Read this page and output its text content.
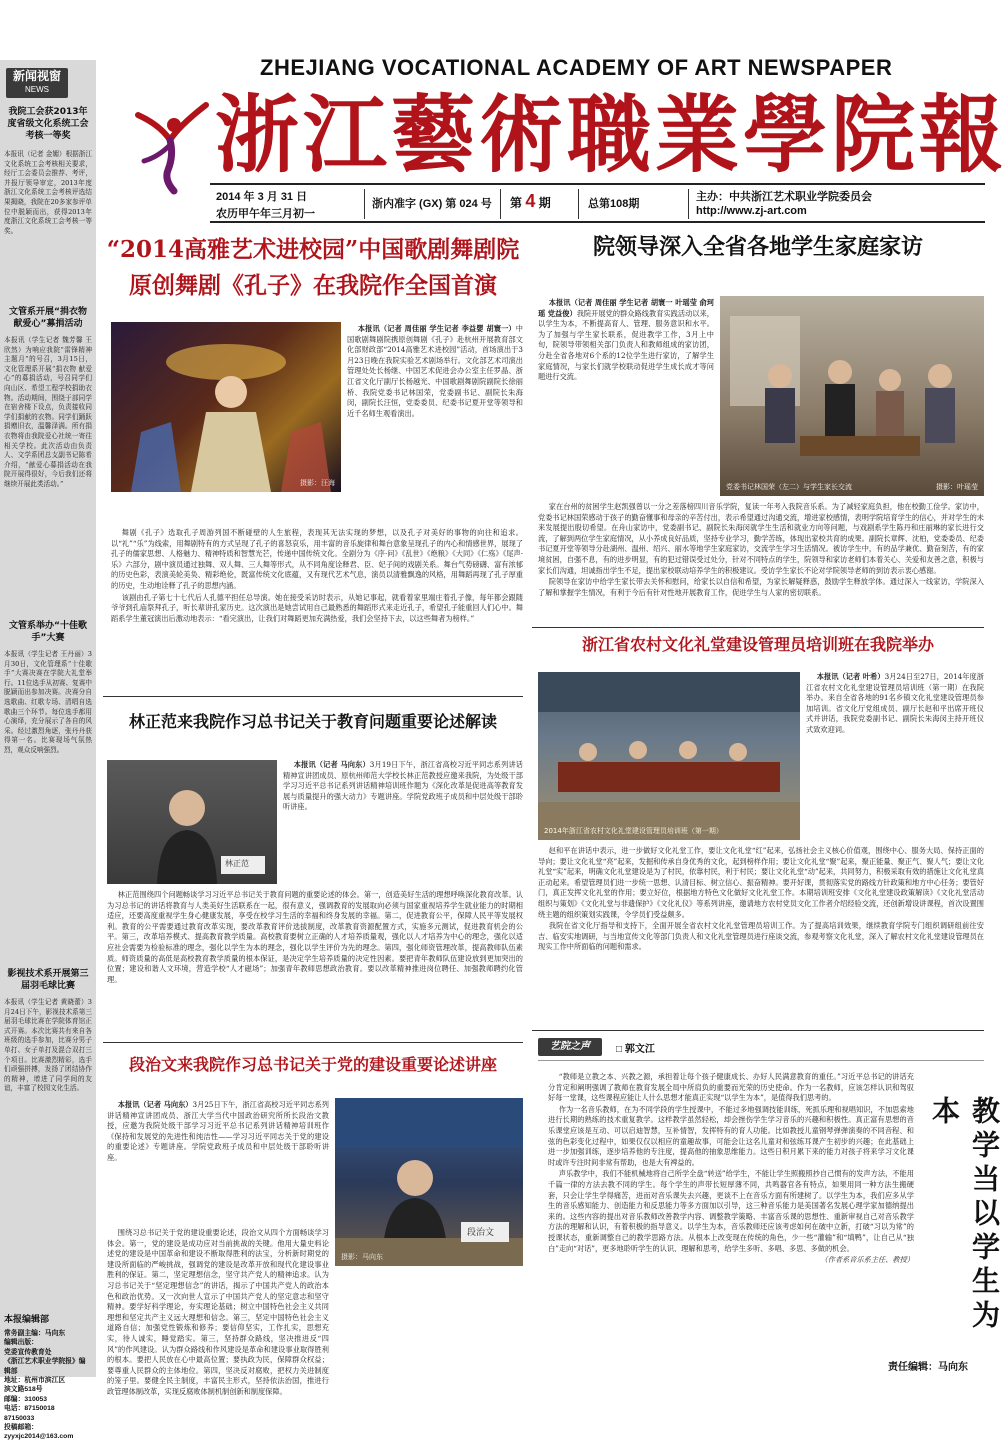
ZHEJIANG VOCATIONAL ACADEMY OF ART NEWSPAPER
浙江藝術職業學院報
2014 年 3 月 31 日
农历甲午年三月初一
浙内准字 (GX) 第 024 号 第 4 期	总第108期
主办：中共浙江艺术职业学院委员会
http://www.zj-art.com
新闻视窗
NEWS
我院工会获2013年度省级文化系统工会考核一等奖
本报讯（记者 金媚）根据浙江文化系统工会考核相关要求，经厅工会委员会推荐、考评，并报厅领导审定，2013年度浙江文化系统工会考核评选结果揭晓，我院在20多家参评单位中脱颖而出，获得2013年度浙江文化系统工会考核一等奖。
文管系开展“捐衣物 献爱心”募捐活动
本报讯（学生记者 魏芳馨 王欣然）为响应我院“雷锋精神主题月”的号召，3月15日，文化管理系开展“捐衣物 献爱心”的募捐活动，号召同学们向山区、希望工程学校捐助衣物。活动期间，围绕于部同学在宿舍楼下设点，负责接收同学们捐献的衣物。同学们踊跃捐赠旧衣，温馨泽满。所有捐衣物将由我院爱心社统一寄往相关学校。此次活动由负责人、文学系团总支副书记陈希介绍，“献爱心募捐活动在我院开展得很好，今后我们还将继续开展此类活动。”
文管系举办“十佳歌手”大赛
本报讯（学生记者 王丹丽）3月30日，文化管理系“十佳歌手”大赛决赛在学院大礼堂举行。11位选手从初赛、复赛中脱颖而出参加决赛。决赛分自选歌曲、红歌专场、清唱自选歌曲三个环节。每位选手都用心演绎，充分展示了各自的风采。经过激烈角逐，张丹丹获得第一名。比赛现场气氛热烈，观众反响强烈。
影视技术系开展第三届羽毛球比赛
本报讯（学生记者 黄晓蕾）3月24日下午，影视技术系第三届羽毛球比赛在学院体育馆正式开赛。本次比赛共有来自各班级的选手参加，比赛分男子单打、女子单打及混合双打三个项目。比赛激烈精彩，选手们顽强拼搏，发扬了团结协作的精神，增进了同学间的友谊，丰富了校园文化生活。
本报编辑部
常务副主编：马向东
编辑出版：
党委宣传教育处
《浙江艺术职业学院报》编辑部
地址：杭州市滨江区
滨文路518号
邮编：310053
电话：87150018
87150033
投稿邮箱：
zyyxjc2014@163.com
“2014高雅艺术进校园”中国歌剧舞剧院
原创舞剧《孔子》在我院作全国首演
摄影：汪海
本报讯（记者 周佳丽 学生记者 李益婴 胡寰一）中国歌剧舞剧院携原创舞剧《孔子》赴杭州开展教育部文化部财政部“2014高雅艺术进校园”活动，首场演出于3月23日晚在我院实验艺术剧场举行。文化部艺术司演出管理处处长杨继、中国艺术促进会办公室主任罗晶、浙江省文化厅副厅长杨越光、中国歌剧舞剧院副院长徐丽桥、我院党委书记林国荣，党委副书记、副院长朱海闵，副院长汪恒，党委委员、纪委书记夏开堂等领导和近千名师生观看演出。

舞剧《孔子》选取孔子周游列国不断碰壁的人生旅程，表现其无法实现的梦想，以及孔子对美好的事物的向往和追求。以“礼”“乐”为线索，用舞剧特有的方式呈现了孔子的喜怒哀乐，用丰富的音乐旋律和舞台意象呈现孔子的内心和情感世界，展现了孔子的儒家思想、人格魅力、精神特质和智慧光芒，传递中国传统文化。全剧分为《序·问》《乱世》《绝粮》《大同》《仁殇》《尾声·乐》六部分，剧中演员通过独舞、双人舞、三人舞等形式，从不同角度诠释君、臣、妃子间的戏剧关系。舞台气势磅礴、富有浓郁的历史色彩，表演美轮美奂、精彩绝伦，既富传统文化底蕴，又有现代艺术气息，演员以清雅飘逸的风格，用舞蹈再现了孔子厚重的历史，生动地诠释了孔子的思想内涵。

该剧由孔子第七十七代后人孔德平担任总导演。她在接受采访时表示，从她记事起，就看着家里端庄着孔子像，每年都会跟随爷爷到孔庙祭拜孔子，听长辈讲孔家历史。这次演出是她尝试用自己最熟悉的舞蹈形式来走近孔子，希望孔子能重回人们心中。舞蹈系学生董冠演出后激动地表示：“看完演出，让我们对舞蹈更加充满热爱，我们会坚持下去，以这些舞者为榜样。”

院领导深入全省各地学生家庭家访
本报讯（记者 周佳丽 学生记者 胡寰一 叶瑶莹 俞珂瑶 党益俊）我院开展党的群众路线教育实践活动以来，以学生为本，不断提高育人、管理、服务意识和水平。为了加强与学生家长联系，促进教学工作，3月上中旬，院领导带领相关部门负责人和教师组成的家访团，分赴全省各地对6个系的12位学生进行家访，了解学生家庭情况，与家长们就学校联动促进学生成长成才等问题进行交流。
党委书记林国荣（左二）与学生家长交流	摄影：叶瑶莹

家在台州的贫困学生赵凯强曾以一分之差落榜四川音乐学院，复读一年考入我院音乐系。为了减轻家庭负担，他在校勤工俭学。家访中，党委书记林国荣感动于孩子的勤奋懂事和母亲的辛苦付出，表示希望通过沟通交流，增进家校感情，表明学院培育学生的信心，并对学生的未来发展提出殷切希望。在舟山家访中，党委副书记、副院长朱海闵就学生生活和就业方向等问题，与戏剧系学生陈丹和庄丽琳的家长进行交流，了解到两位学生家庭情况，从小养成良好品质，坚持专业学习，勤学苦练，体现出家校共育的成果。副院长章辉、沈柏，党委委员、纪委书记夏开堂等领导分赴湖州、温州、绍兴、丽水等地学生家庭家访，交流学生学习生活情况。被访学生中，有的品学兼优、勤奋刻苦，有的家境贫困，自强不息，有的进步明显，有的犯过错误受过处分，针对不同特点的学生，院领导和家访老师们本着关心、关爱和友善之意，积极与家长们沟通，坦诚指出学生不足，提出家校联动培养学生的积极建议。受访学生家长不论对学院领导老师的到访表示衷心感谢。

院领导在家访中给学生家长带去关怀和慰问，给家长以自信和希望，为家长解疑释惑，鼓励学生释放学体。通过深入一线家访，学院深入了解和掌握学生情况，有利于今后有针对性地开展教育工作，促进学生与人家的密切联系。

浙江省农村文化礼堂建设管理员培训班在我院举办
2014年浙江省农村文化礼堂建设管理员培训班（第一期）
本报讯（记者 叶希）3月24日至27日，2014年度浙江省农村文化礼堂建设管理员培训班（第一期）在我院举办。来自全省各地的91名乡镇文化礼堂建设管理员参加培训。省文化厅党组成员、副厅长赵和平出席开班仪式并讲话，我院党委副书记、副院长朱海闵主持开班仪式致欢迎词。

赵和平在讲话中表示，进一步做好文化礼堂工作，要让文化礼堂“红”起来，弘扬社会主义核心价值观，围绕中心、服务大局、保持正面的导向；要让文化礼堂“亮”起来，发掘和传承自身优秀的文化，起到榜样作用；要让文化礼堂“聚”起来，聚正能量、聚正气、聚人气；要让文化礼堂“实”起来，明确文化礼堂建设是为了村民，依靠村民，利于村民；要让文化礼堂“动”起来，共同努力，积极采取有效的措施让文化礼堂真正动起来。希望管理员们进一步统一思想、认清目标、树立信心、振奋精神。要开好课，贯彻落实党的路线方针政策和地方中心任务；要管好门，真正发挥文化礼堂的作用；要立好位，根据地方特色文化做好文化礼堂工作。本期培训班安排《文化礼堂建设政策解读》《文化礼堂活动组织与策划》《文化礼堂与非遗保护》《文化礼仪》等系列讲座，邀请地方农村党员文化工作者介绍经验交流，还创新增设讲课程，首次设置围绕主题的组织策划实践课，令学员们受益颇多。

我院在省文化厅指导和支持下，全面开展全省农村文化礼堂管理员培训工作。为了提高培训效果，继续教育学院专门组织调研组前往安吉、临安实地调研，与当地宣传文化等部门负责人和文化礼堂管理员进行座谈交流，参观考察文化礼堂，深入了解农村文化礼堂建设管理员在现实工作中所面临的问题和需求。

林正范来我院作习总书记关于教育问题重要论述解读
林正范
本报讯（记者 马向东）3月19日下午，浙江省高校习近平同志系列讲话精神宣讲团成员、原杭州师范大学校长林正范教授应邀来我院，为处级干部学习习近平总书记系列讲话精神培训班作题为《深化改革是促进高等教育发展与质量提升的强大动力》专题讲座。学院党政班子成员和中层处级干部聆听讲座。

林正范围绕四个问题畅谈学习习近平总书记关于教育问题的重要论述的体会。第一，创造美好生活的理想呼唤深化教育改革。认为习总书记的讲话将教育与人类美好生活联系在一起，很有意义，强调教育的发展取向必须与国家重视培养学生就业能力的时期相适应，还要高度重视学生身心健康发展，享受在校学习生活的幸福和终身发展的幸福。第二，促进教育公平，保障人民平等发展权利。教育的公平需要通过教育改革实现，要改革教育评价选拔制度，改革教育资源配置方式，实施多元测试，促进教育机会的公平。第三，改革培养模式、提高教育教学质量。高校教育要树立正确的人才培养质量观，强化以人才培养为中心的理念，强化以适应社会需要为检验标准的理念，强化以学生为本的理念，强化以学生评价为先的理念。第四，强化师资管理改革，提高教师队伍素质。师资质量的高低是高校教育教学质量的根本保证，是决定学生培养质量的决定性因素。要把青年教师队伍建设放到更加突出的位置；建设和谐人文环境，营造学校“人才磁场”；加强青年教师思想政治教育。要以改革精神推进岗位聘任、加强教师聘约化管理。

段治文来我院作习总书记关于党的建设重要论述讲座
本报讯（记者 马向东）3月25日下午，浙江省高校习近平同志系列讲话精神宣讲团成员、浙江大学当代中国政治研究所所长段治文教授，应邀为我院处级干部学习习近平总书记系列讲话精神培训班作《保持和发展党的先进性和纯洁性——学习习近平同志关于党的建设的重要论述》专题讲座。学院党政班子成员和中层处级干部聆听讲座。
段治文
摄影：马向东

围绕习总书记关于党的建设重要论述，段治文从四个方面畅谈学习体会。第一，党的建设是成功应对当前挑战的关键。他用大量史料论述党的建设是中国革命和建设不断取得胜利的法宝，分析新时期党的建设所面临的严峻挑战，强调党的建设是改革开放和现代化建设事业胜利的保证。第二，坚定理想信念，坚守共产党人的精神追求。认为习总书记关于“坚定理想信念”的讲话，揭示了中国共产党人的政治本色和政治优势。又一次向世人宣示了中国共产党人的坚定意志和坚守精神。要学好科学理论，夯实理论基础；树立中国特色社会主义共同理想和坚定共产主义远大理想和信念。第三，坚定中国特色社会主义道路自信；加强党性锻炼和修养；要信仰坚实，工作扎实，思想充实，待人诚实，睡觉踏实。第三，坚持群众路线，坚决推进反“四风”的作风建设。认为群众路线和作风建设是革命和建设事业取得胜利的根本。要把人民放在心中最高位置；要执政为民，保障群众权益；要尊重人民群众的主体地位。第四，坚决反对腐败，把权力关进制度的笼子里。要健全民主制度，丰富民主形式，坚持依法治国，推进行政管理体制改革，实现反腐败体制机制创新和制度保障。

艺院之声	□ 郭文江

“教师是立教之本、兴教之源，承担着让每个孩子健康成长、办好人民满意教育的重任。”习近平总书记的讲话充分肯定和阐明强调了教师在教育发展全局中所肩负的重要而光荣的历史使命。作为一名教师，应该怎样认识和驾驭好每一堂课，这些课程应能让人什么思想才能真正实现“以学生为本”，是值得我们思考的。

作为一名音乐教师，在为不同学段的学生授课中，不能过多地强调技能训练，死抓乐理和视唱知识，不加思索地进行长期的熟练的技术重复教学。这样教学虽然轻松，却会挫伤学生学习音乐的兴趣和积极性。真正富有思想的音乐课堂应该是互动、可以启迪智慧，互补情智，发挥特有的育人功能。比如教授儿童钢琴弹弹演奏的不同音程、和弦的色彩变化过程中，如果仅仅以相应的童趣故事，可能会让这名儿童对和弦练耳课产生初步的兴趣；在此基础上进一步加强训练，逐步培养他的专注度，提高他的抽象思维能力。这些日积月累下来的能力对孩子将来学习文化课时或许专注时间非常有帮助，也是大有裨益的。

声乐教学中，我们不能机械地将自己所学全盘“转送”给学生，不能让学生照搬照抄自己惯有的发声方法，不能用千篇一律的方法去教不同的学生。每个学生的声带长短厚薄不同，共鸣器官各有特点，如果用同一种方法生搬硬套，只会让学生学得痛苦，进而对音乐课失去兴趣，更谈不上在音乐方面有所建树了。以学生为本，我们应多从学生的音乐感知能力、创造能力和反思能力等多方面加以引导，这三种音乐能力是美国著名发展心理学家加德纳提出来的。这些内容的提出对音乐教师改善教学内容、调整教学策略、丰富音乐课的思想性、重新审视自己对音乐教学方法的理解和认识，有着积极的指导意义。以学生为本，音乐教师还应该考虑如何在破中立新，打破“习以为常”的授课状态，重新调整自己的教学思路方法。从根本上改变现在传统的角色，少一些“灌输”和“填鸭”，让自己从“独白”走向“对话”，更多地聆听学生的认识、理解和思考，给学生多听、多唱、多思、多做的机会。

（作者系音乐系主任、教授）	教学当以学生为本
责任编辑：马向东
